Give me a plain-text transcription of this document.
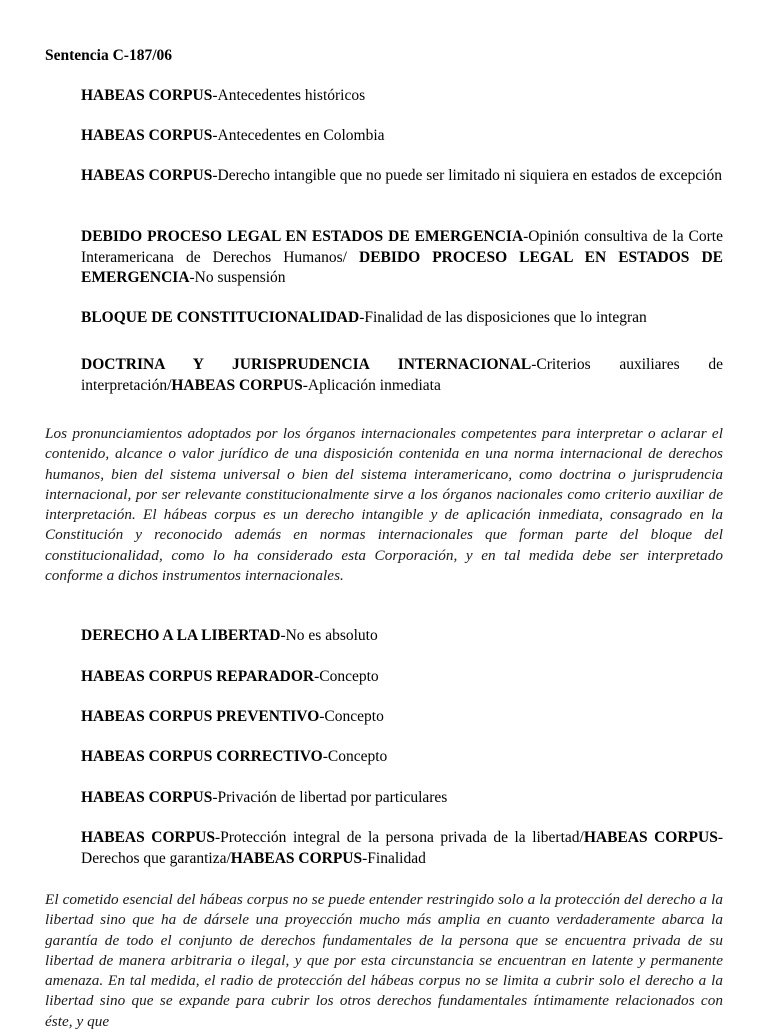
Sentencia C-187/06
HABEAS CORPUS-Antecedentes históricos
HABEAS CORPUS-Antecedentes en Colombia
HABEAS CORPUS-Derecho intangible que no puede ser limitado ni siquiera en estados de excepción
DEBIDO PROCESO LEGAL EN ESTADOS DE EMERGENCIA-Opinión consultiva de la Corte Interamericana de Derechos Humanos/ DEBIDO PROCESO LEGAL EN ESTADOS DE EMERGENCIA-No suspensión
BLOQUE DE CONSTITUCIONALIDAD-Finalidad de las disposiciones que lo integran
DOCTRINA Y JURISPRUDENCIA INTERNACIONAL-Criterios auxiliares de interpretación/HABEAS CORPUS-Aplicación inmediata
Los pronunciamientos adoptados por los órganos internacionales competentes para interpretar o aclarar el contenido, alcance o valor jurídico de una disposición contenida en una norma internacional de derechos humanos, bien del sistema universal o bien del sistema interamericano, como doctrina o jurisprudencia internacional, por ser relevante constitucionalmente sirve a los órganos nacionales como criterio auxiliar de interpretación. El hábeas corpus es un derecho intangible y de aplicación inmediata, consagrado en la Constitución y reconocido además en normas internacionales que forman parte del bloque del constitucionalidad, como lo ha considerado esta Corporación, y en tal medida debe ser interpretado conforme a dichos instrumentos internacionales.
DERECHO A LA LIBERTAD-No es absoluto
HABEAS CORPUS REPARADOR-Concepto
HABEAS CORPUS PREVENTIVO-Concepto
HABEAS CORPUS CORRECTIVO-Concepto
HABEAS CORPUS-Privación de libertad por particulares
HABEAS CORPUS-Protección integral de la persona privada de la libertad/HABEAS CORPUS-Derechos que garantiza/HABEAS CORPUS-Finalidad
El cometido esencial del hábeas corpus no se puede entender restringido solo a la protección del derecho a la libertad sino que ha de dársele una proyección mucho más amplia en cuanto verdaderamente abarca la garantía de todo el conjunto de derechos fundamentales de la persona que se encuentra privada de su libertad de manera arbitraria o ilegal, y que por esta circunstancia se encuentran en latente y permanente amenaza. En tal medida, el radio de protección del hábeas corpus no se limita a cubrir solo el derecho a la libertad sino que se expande para cubrir los otros derechos fundamentales íntimamente relacionados con éste, y que
